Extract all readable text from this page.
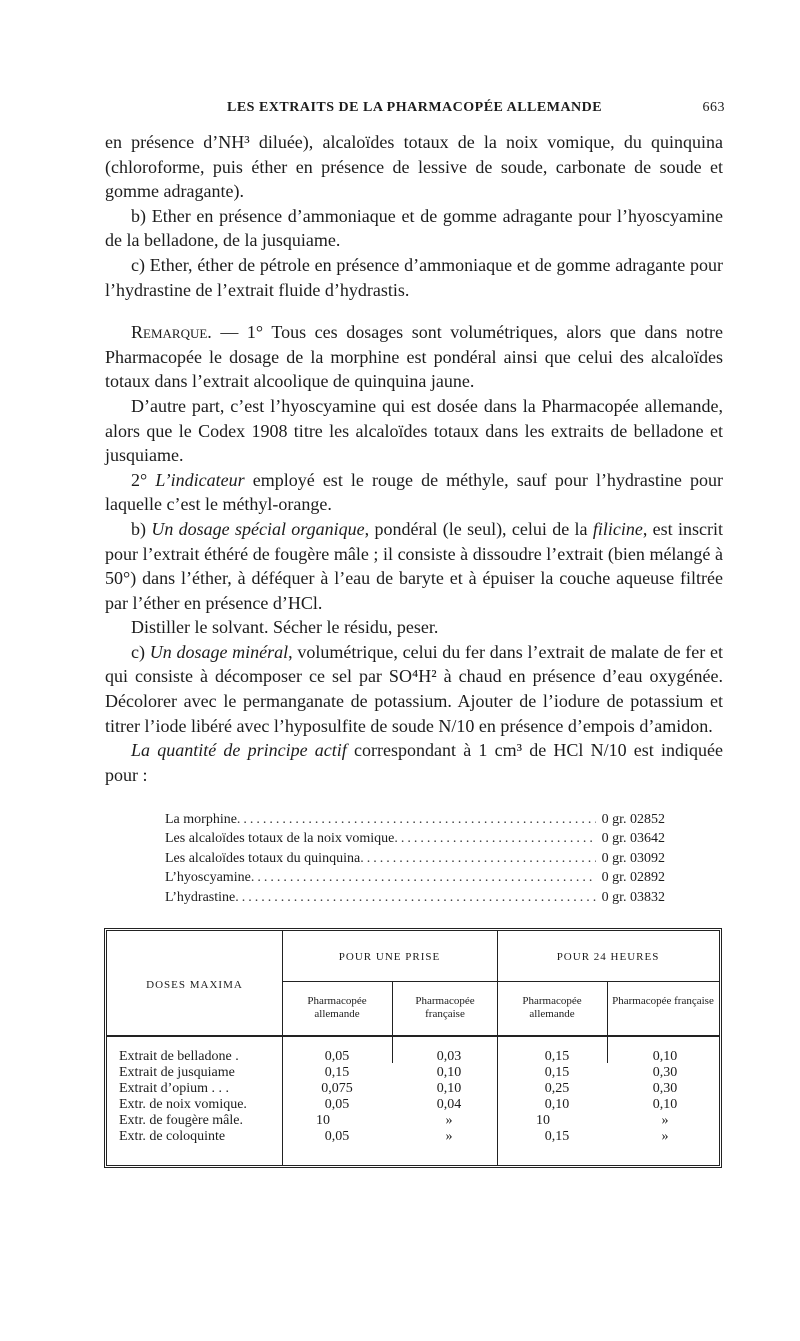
LES EXTRAITS DE LA PHARMACOPÉE ALLEMANDE	663

en présence d’NH³ diluée), alcaloïdes totaux de la noix vomique, du quinquina (chloroforme, puis éther en présence de lessive de soude, carbonate de soude et gomme adragante).

b) Ether en présence d’ammoniaque et de gomme adragante pour l’hyoscyamine de la belladone, de la jusquiame.

c) Ether, éther de pétrole en présence d’ammoniaque et de gomme adragante pour l’hydrastine de l’extrait fluide d’hydrastis.

Remarque. — 1° Tous ces dosages sont volumétriques, alors que dans notre Pharmacopée le dosage de la morphine est pondéral ainsi que celui des alcaloïdes totaux dans l’extrait alcoolique de quinquina jaune.

D’autre part, c’est l’hyoscyamine qui est dosée dans la Pharmacopée allemande, alors que le Codex 1908 titre les alcaloïdes totaux dans les extraits de belladone et jusquiame.

2° L’indicateur employé est le rouge de méthyle, sauf pour l’hydrastine pour laquelle c’est le méthyl-orange.

b) Un dosage spécial organique, pondéral (le seul), celui de la filicine, est inscrit pour l’extrait éthéré de fougère mâle ; il consiste à dissoudre l’extrait (bien mélangé à 50°) dans l’éther, à déféquer à l’eau de baryte et à épuiser la couche aqueuse filtrée par l’éther en présence d’HCl.

Distiller le solvant. Sécher le résidu, peser.

c) Un dosage minéral, volumétrique, celui du fer dans l’extrait de malate de fer et qui consiste à décomposer ce sel par SO⁴H² à chaud en présence d’eau oxygénée. Décolorer avec le permanganate de potassium. Ajouter de l’iodure de potassium et titrer l’iode libéré avec l’hyposulfite de soude N/10 en présence d’empois d’amidon.

La quantité de principe actif correspondant à 1 cm³ de HCl N/10 est indiquée pour :

La morphine .....	0 gr. 02852
Les alcaloïdes totaux de la noix vomique .....	0 gr. 03642
Les alcaloïdes totaux du quinquina .....	0 gr. 03092
L’hyoscyamine .....	0 gr. 02892
L’hydrastine .....	0 gr. 03832
DOSES MAXIMA
POUR UNE PRISE	POUR 24 HEURES
Pharmacopée allemande
Pharmacopée française
Pharmacopée allemande
Pharmacopée française
Extrait de belladone .	0,05	0,03	0,15	0,10
Extrait de jusquiame	0,15	0,10	0,15	0,30
Extrait d’opium . . .	0,075	0,10	0,25	0,30
Extr. de noix vomique.	0,05	0,04	0,10	0,10
Extr. de fougère mâle.	10	»	10	»
Extr. de coloquinte	0,05	»	0,15	»
